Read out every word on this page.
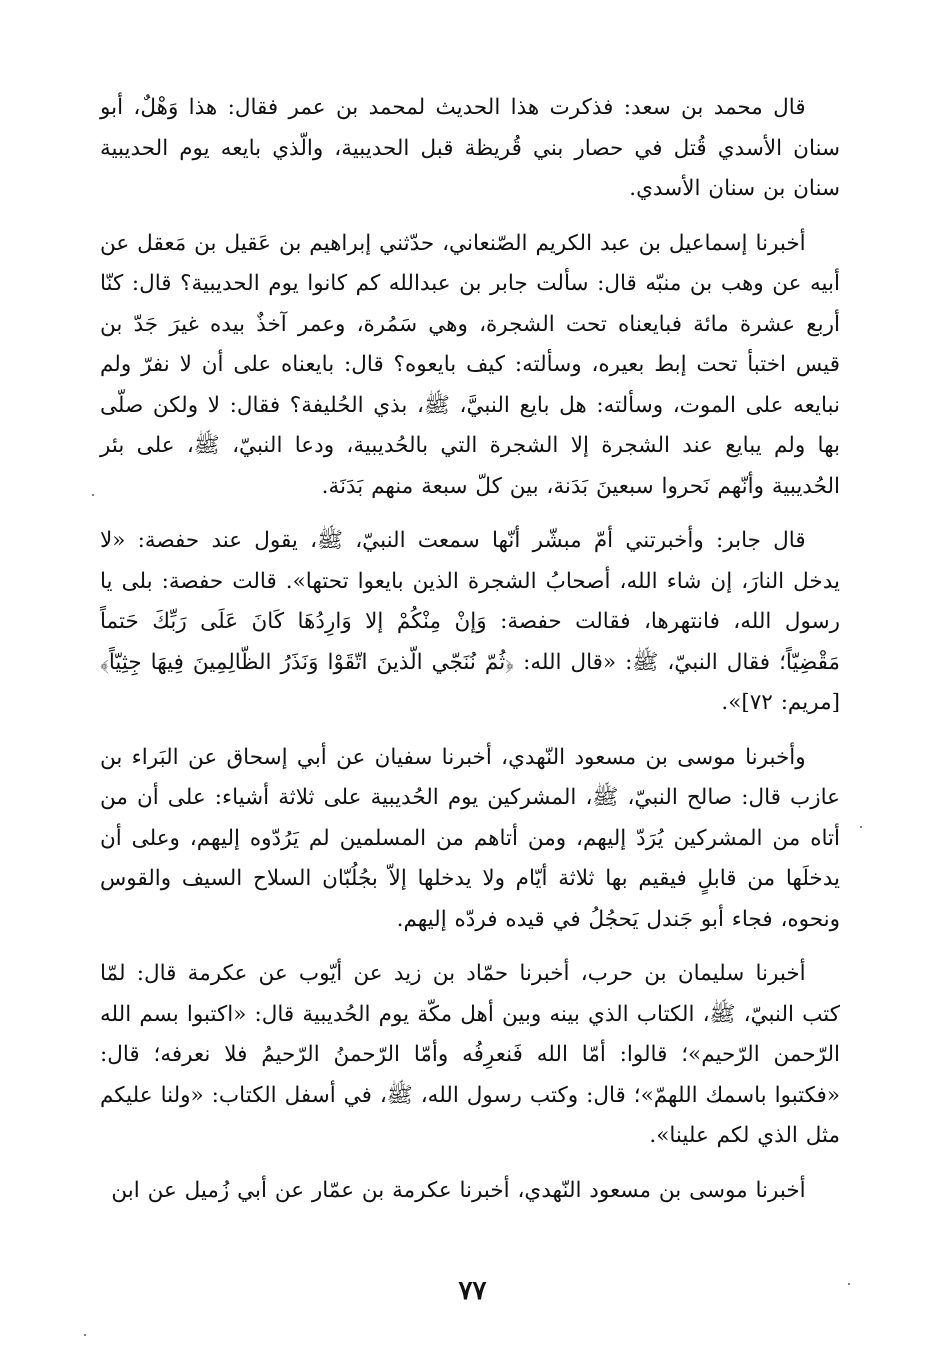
قال محمد بن سعد: فذكرت هذا الحديث لمحمد بن عمر فقال: هذا وَهْلٌ، أبو سنان الأسدي قُتل في حصار بني قُريظة قبل الحديبية، والّذي بايعه يوم الحديبية سنان بن سنان الأسدي.

أخبرنا إسماعيل بن عبد الكريم الصّنعاني، حدّثني إبراهيم بن عَقيل بن مَعقل عن أبيه عن وهب بن منبّه قال: سألت جابر بن عبدالله كم كانوا يوم الحديبية؟ قال: كنّا أربع عشرة مائة فبايعناه تحت الشجرة، وهي سَمُرة، وعمر آخذٌ بيده غيرَ جَدّ بن قيس اختبأ تحت إبط بعيره، وسألته: كيف بايعوه؟ قال: بايعناه على أن لا نفرّ ولم نبايعه على الموت، وسألته: هل بايع النبيَّ، ﷺ، بذي الحُليفة؟ فقال: لا ولكن صلّى بها ولم يبايع عند الشجرة إلا الشجرة التي بالحُديبية، ودعا النبيّ، ﷺ، على بئر الحُديبية وأنّهم نَحروا سبعينَ بَدَنة، بين كلّ سبعة منهم بَدَنَة.

قال جابر: وأخبرتني أمّ مبشّر أنّها سمعت النبيّ، ﷺ، يقول عند حفصة: «لا يدخل النارَ، إن شاء الله، أصحابُ الشجرة الذين بايعوا تحتها». قالت حفصة: بلى يا رسول الله، فانتهرها، فقالت حفصة: وَإنْ مِنْكُمْ إلا وَارِدُهَا كَانَ عَلَى رَبِّكَ حَتماً مَقْضِيّاً؛ فقال النبيّ، ﷺ: «قال الله: ﴿ثُمّ نُنَجّي الّذينَ اتّقَوْا وَنَذَرُ الظّالِمِينَ فِيهَا جِثِيّاً﴾ [مريم: ٧٢]».

وأخبرنا موسى بن مسعود النّهدي، أخبرنا سفيان عن أبي إسحاق عن البَراء بن عازب قال: صالح النبيّ، ﷺ، المشركين يوم الحُديبية على ثلاثة أشياء: على أن من أتاه من المشركين يُرَدّ إليهم، ومن أتاهم من المسلمين لم يَرُدّوه إليهم، وعلى أن يدخلَها من قابلٍ فيقيم بها ثلاثة أيّام ولا يدخلها إلاّ بجُلُبّان السلاح السيف والقوس ونحوه، فجاء أبو جَندل يَحجُلُ في قيده فردّه إليهم.

أخبرنا سليمان بن حرب، أخبرنا حمّاد بن زيد عن أيّوب عن عكرمة قال: لمّا كتب النبيّ، ﷺ، الكتاب الذي بينه وبين أهل مكّة يوم الحُديبية قال: «اكتبوا بسم الله الرّحمن الرّحيم»؛ قالوا: أمّا الله فَنعرِفُه وأمّا الرّحمنُ الرّحيمُ فلا نعرفه؛ قال: «فكتبوا باسمك اللهمّ»؛ قال: وكتب رسول الله، ﷺ، في أسفل الكتاب: «ولنا عليكم مثل الذي لكم علينا».

أخبرنا موسى بن مسعود النّهدي، أخبرنا عكرمة بن عمّار عن أبي زُميل عن ابن

٧٧
